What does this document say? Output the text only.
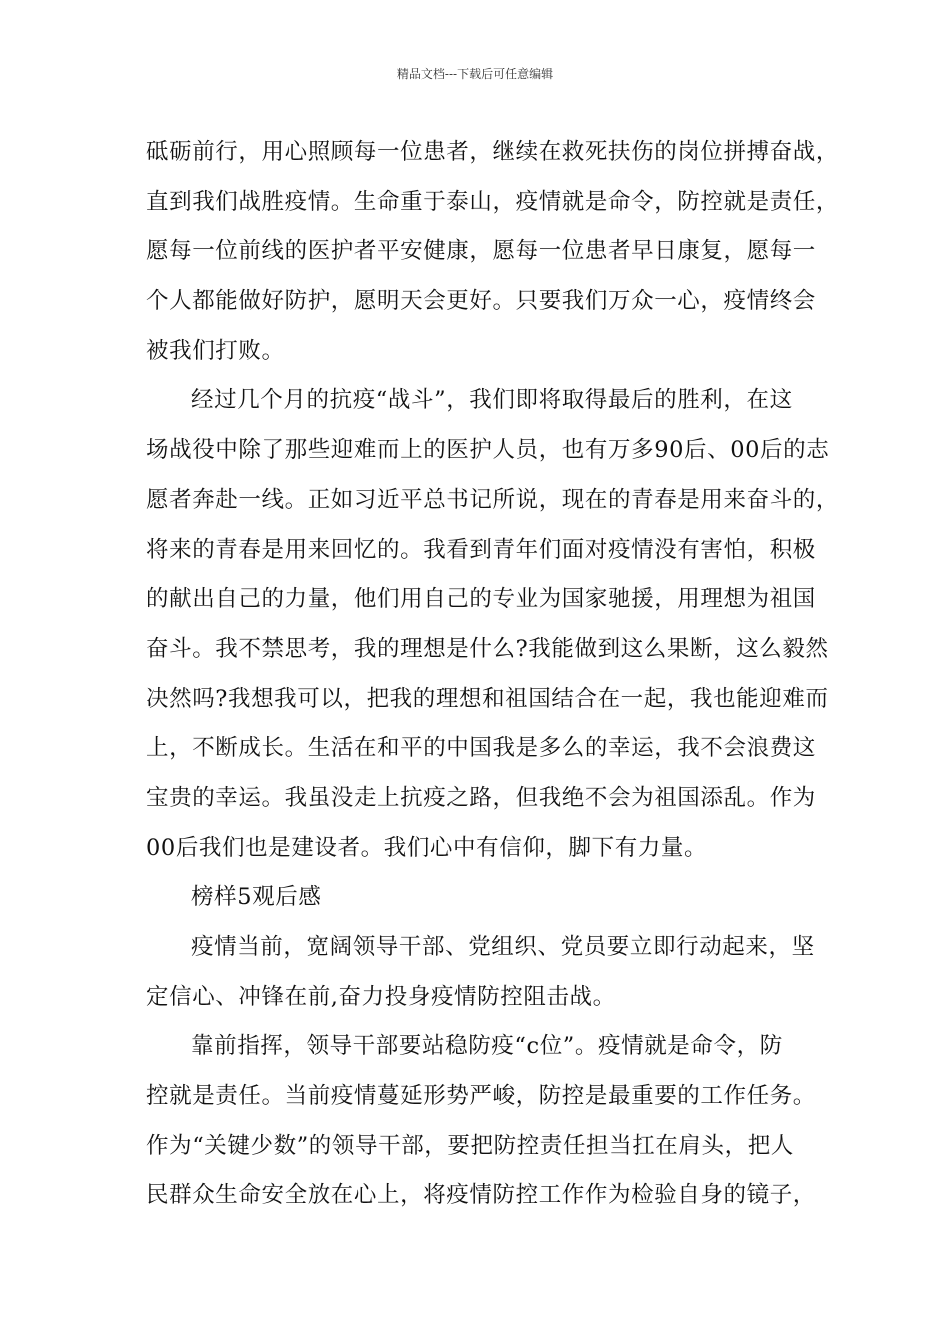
精品文档---下载后可任意编辑
砥砺前行，用心照顾每一位患者，继续在救死扶伤的岗位拼搏奋战，
直到我们战胜疫情。生命重于泰山，疫情就是命令，防控就是责任，
愿每一位前线的医护者平安健康，愿每一位患者早日康复，愿每一
个人都能做好防护，愿明天会更好。只要我们万众一心，疫情终会
被我们打败。
经过几个月的抗疫“战斗”，我们即将取得最后的胜利，在这
场战役中除了那些迎难而上的医护人员，也有万多90后、00后的志
愿者奔赴一线。正如习近平总书记所说，现在的青春是用来奋斗的，
将来的青春是用来回忆的。我看到青年们面对疫情没有害怕，积极
的献出自己的力量，他们用自己的专业为国家驰援，用理想为祖国
奋斗。我不禁思考，我的理想是什么?我能做到这么果断，这么毅然
决然吗?我想我可以，把我的理想和祖国结合在一起，我也能迎难而
上，不断成长。生活在和平的中国我是多么的幸运，我不会浪费这
宝贵的幸运。我虽没走上抗疫之路，但我绝不会为祖国添乱。作为
00后我们也是建设者。我们心中有信仰，脚下有力量。
榜样5观后感
疫情当前，宽阔领导干部、党组织、党员要立即行动起来，坚
定信心、冲锋在前,奋力投身疫情防控阻击战。
靠前指挥，领导干部要站稳防疫“c位”。疫情就是命令，防
控就是责任。当前疫情蔓延形势严峻，防控是最重要的工作任务。
作为“关键少数”的领导干部，要把防控责任担当扛在肩头，把人
民群众生命安全放在心上，将疫情防控工作作为检验自身的镜子，
